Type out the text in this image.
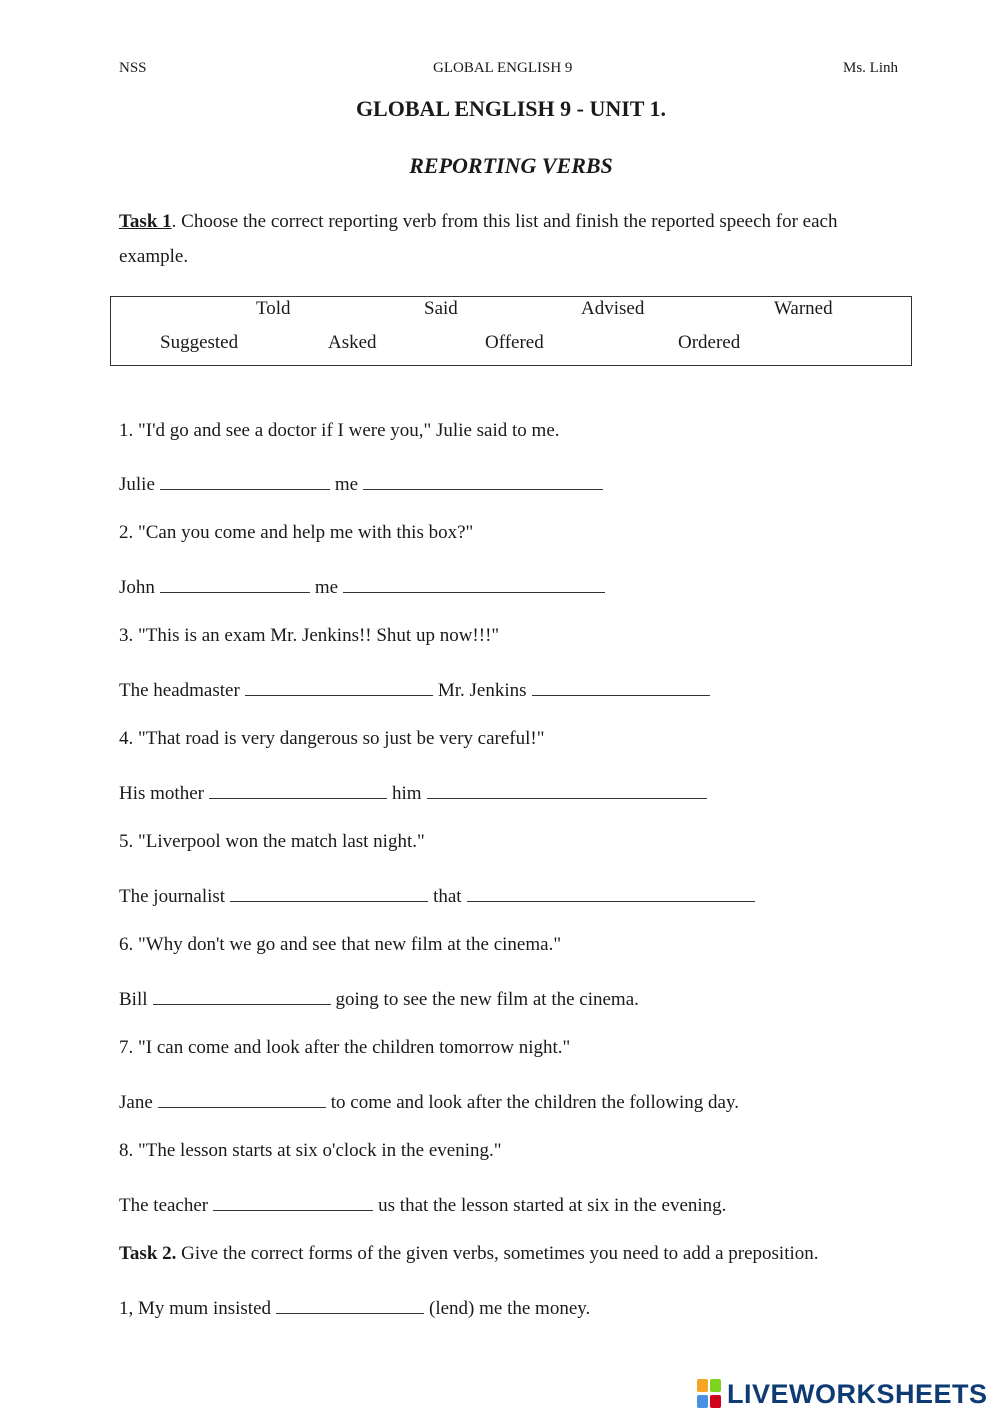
NSS	GLOBAL ENGLISH 9	Ms. Linh
GLOBAL ENGLISH 9 - UNIT 1.
REPORTING VERBS
Task 1. Choose the correct reporting verb from this list and finish the reported speech for each example.
Told	Said	Advised	Warned
Suggested	Asked	Offered	Ordered
1. "I'd go and see a doctor if I were you," Julie said to me.
Julie	me
2. "Can you come and help me with this box?"
John	me
3. "This is an exam Mr. Jenkins!! Shut up now!!!"
The headmaster	Mr. Jenkins
4. "That road is very dangerous so just be very careful!"
His mother	him
5. "Liverpool won the match last night."
The journalist	that
6. "Why don't we go and see that new film at the cinema."
Bill	going to see the new film at the cinema.
7. "I can come and look after the children tomorrow night."
Jane	to come and look after the children the following day.
8. "The lesson starts at six o'clock in the evening."
The teacher	us that the lesson started at six in the evening.
Task 2. Give the correct forms of the given verbs, sometimes you need to add a preposition.
1, My mum insisted	(lend) me the money.
LIVEWORKSHEETS
